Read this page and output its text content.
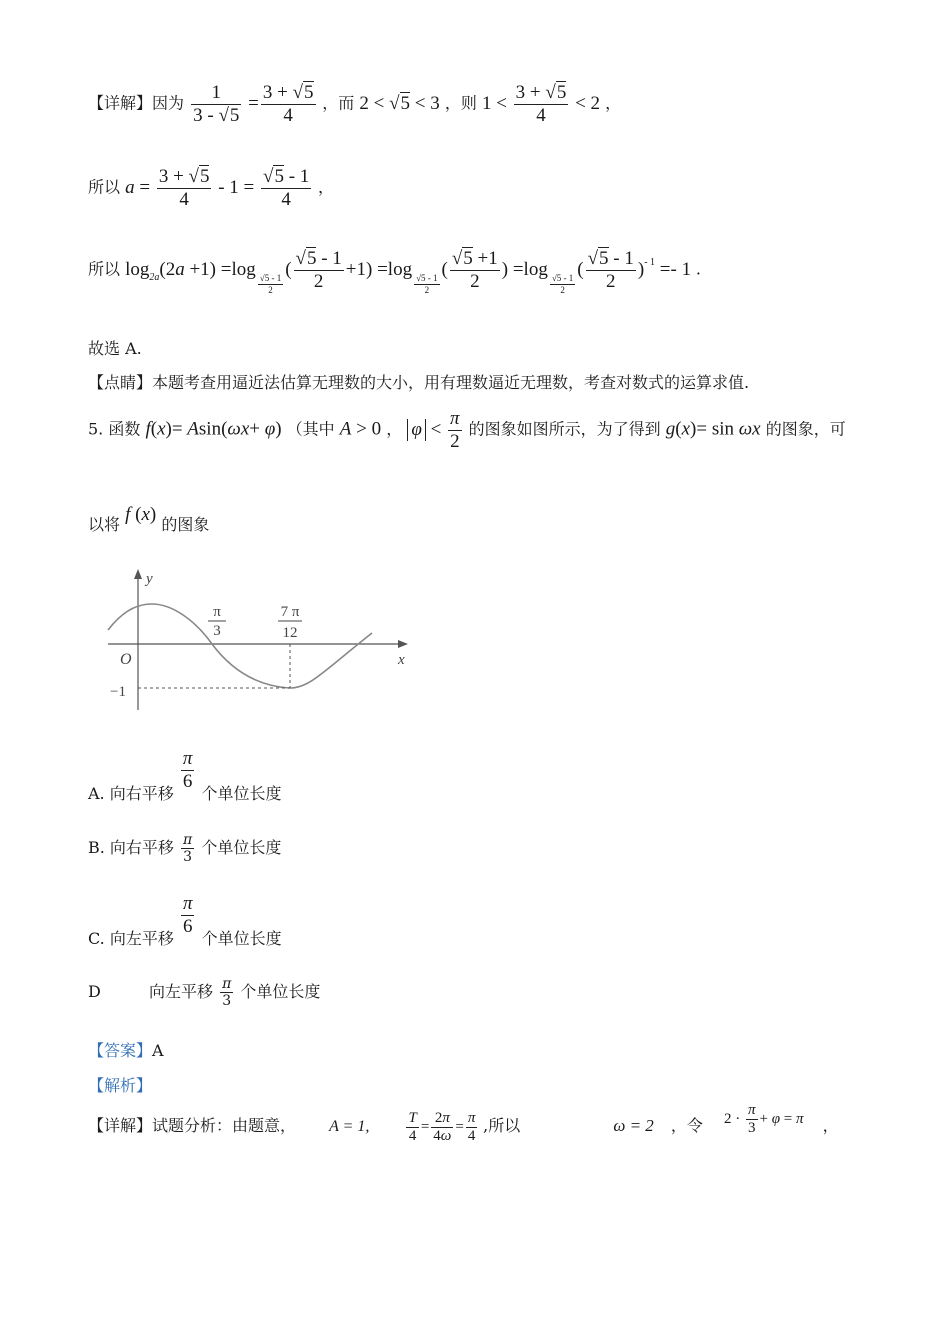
【详解】因为 $\frac{1}{3 - √5} = \frac{3 + √5}{4}$ ，而 2 < √5 < 3 ，则 $1 < \frac{3 + √5}{4} < 2$ ，
所以 $a = \frac{3 + √5}{4} - 1 = \frac{√5 - 1}{4}$ ，
所以 $\log_{2a}(2a +1) =\log$
$\frac{√5 - 1}{2}$
( $\frac{√5 - 1}{2} +1) =\log$
$\frac{√5 - 1}{2}$
( $\frac{√5 +1}{2}$ ) =log
$\frac{√5 - 1}{2}$
( $\frac{√5 - 1}{2} )^{- 1} =- 1$ .
故选 A.
【点睛】本题考查用逼近法估算无理数的大小，用有理数逼近无理数，考查对数式的运算求值.
5. 函数 f(x)= Asin(ωx+ φ) （其中 A > 0 ， $\varphi < \frac{\pi}{2}$ 的图象如图所示，为了得到 g(x)= sin ωx 的图象，可
以将 f (x) 的图象
y
x
O
−1
π
3
7 π
12
A. 向右平移
$\frac{\pi}{6}$
个单位长度
B. 向右平移 $\frac{\pi}{3}$ 个单位长度
C. 向左平移
$\frac{\pi}{6}$
个单位长度
D	向左平移 $\frac{\pi}{3}$ 个单位长度
【答案】A
【解析】
【详解】试题分析：由题意， A = 1, $\frac{T}{4} = \frac{2\pi}{4\omega} = \frac{\pi}{4}$ ,所以	ω = 2 ，令 $2 \cdot \frac{\pi}{3} + \varphi = \pi$ ，
